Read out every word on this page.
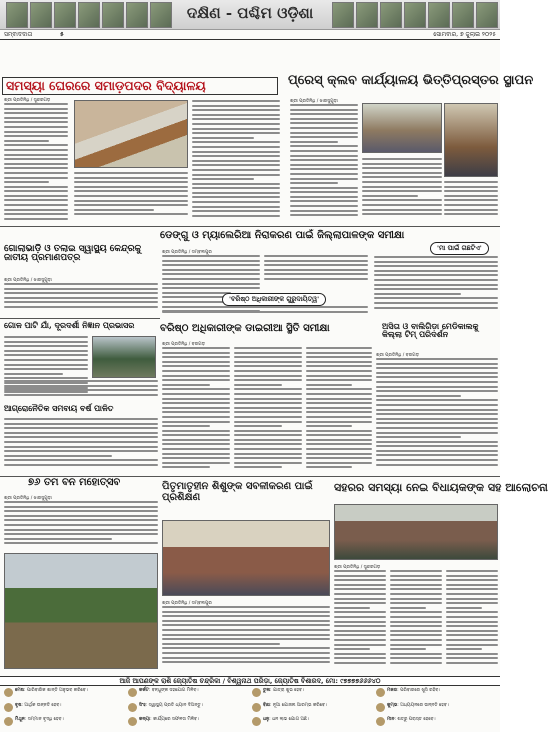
ଦକ୍ଷିଣ - ପଶ୍ଚିମ ଓଡ଼ିଶା
ସମ୍ବାଦଦାତା	୫	ସୋମବାର, ୭ ଜୁଲାଇ ୨୦୨୫
ସମସ୍ୟା ଘେରରେ ସମାଡ଼ପଦର ବିଦ୍ୟାଳୟ
ଶ୍ରୀ ପ୍ରତିନିଧି / ସୁନ୍ଦରଗଡ଼
ପ୍ରେସ୍ କ୍ଲବ କାର୍ଯ୍ୟାଳୟ ଭିତ୍ତିପ୍ରସ୍ତର ସ୍ଥାପନ
ଶ୍ରୀ ପ୍ରତିନିଧି / ଝାରସୁଗୁଡ଼ା
ଗୋଲାଭାଡ଼ି ଓ ତଲାଇ ସ୍ୱାସ୍ଥ୍ୟ କେନ୍ଦ୍ରକୁ ଜାତୀୟ ପ୍ରମାଣପତ୍ର
ଶ୍ରୀ ପ୍ରତିନିଧି / ଝାରସୁଗୁଡ଼ା
ଡେଙ୍ଗୁ ଓ ମ୍ୟାଲେରିଆ ନିରାକରଣ ପାଇଁ ଜିଲ୍ଲାପାଳଙ୍କ ସମୀକ୍ଷା
ଶ୍ରୀ ପ୍ରତିନିଧି / ସମ୍ବଲପୁର
'ବରିଷ୍ଠ ଅଧିକାରୀଙ୍କ ଗୁରୁଦାୟିତ୍ୱ'
'ମା ପାଇଁ ଗଛଟିଏ'
ଗୋଳ ପାଟି ଯାଁ, ଦୂରଦର୍ଶୀ ନିଜ୍ଞାନ ପ୍ରଭାସର
ଆଗ୍ରୋନୈତିକ ସମବାୟ ବର୍ଷ ପାଳିତ
ଅସିତା ଓ ବାଲିଗିଡ଼ା ମେଡିକାଲକୁ କିଲ୍ଲା ଟିମ୍ ପରିଦର୍ଶନ
ଶ୍ରୀ ପ୍ରତିନିଧି / ବରଗଡ଼
ବରିଷ୍ଠ ଅଧିକାରୀଙ୍କ ଡାଇରୀଆ ସ୍ଥିତି ସମୀକ୍ଷା
ଶ୍ରୀ ପ୍ରତିନିଧି / ବରଗଡ଼
୭୬ ତମ ବନ ମହୋତ୍ସବ
ଶ୍ରୀ ପ୍ରତିନିଧି / ଝାରସୁଗୁଡ଼ା
ପିତୃମାତୃହୀନ ଶିଶୁଙ୍କ ସବଳୀକରଣ ପାଇଁ ପ୍ରଶିକ୍ଷଣ
ଶ୍ରୀ ପ୍ରତିନିଧି / ସମ୍ବଲପୁର
ସହରର ସମସ୍ୟା ନେଇ ବିଧାୟକଙ୍କ ସହ ଆଲୋଚନା
ଶ୍ରୀ ପ୍ରତିନିଧି / ସୁନ୍ଦରଗଡ଼
ଆଜି ଆପଣଙ୍କ ରାଶି ଜ୍ୟୋତିଷ ଚନ୍ଦ୍ରିକା / ବିଶ୍ୱନାଥ ପରିଡ଼ା, ଜ୍ୟୋତିଷ ବିଶାରଦ, ମୋ: ୯୭୭୭୭୬୬୬୪୦
ମେଷ: ପାରିବାରିକ ଶାନ୍ତି ଅନୁଭବ କରିବେ।
ବୃଷ: ଆର୍ଥିକ ଉନ୍ନତି ହେବ।
ମିଥୁନ: ସମ୍ମାନ ବୃଦ୍ଧି ହେବ।
କର୍କଟ: ବନ୍ଧୁଙ୍କ ସହଯୋଗ ମିଳିବ।
ସିଂହ: ସ୍ୱାସ୍ଥ୍ୟ ପ୍ରତି ଧ୍ୟାନ ଦିଅନ୍ତୁ।
କନ୍ୟା: କାର୍ଯ୍ୟରେ ସଫଳତା ମିଳିବ।
ତୁଳା: ଯାତ୍ରା ଶୁଭ ହେବ।
ବିଛା: ନୂଆ ଯୋଜନା ଆରମ୍ଭ କରିବେ।
ଧନୁ: ଧନ ଲାଭ ଯୋଗ ଅଛି।
ମକର: ପରିବାରରେ ଖୁସି ରହିବ।
କୁମ୍ଭ: ଅଧ୍ୟୟନରେ ଉନ୍ନତି ହେବ।
ମୀନ: ଶତ୍ରୁ ପରାସ୍ତ ହେବେ।
